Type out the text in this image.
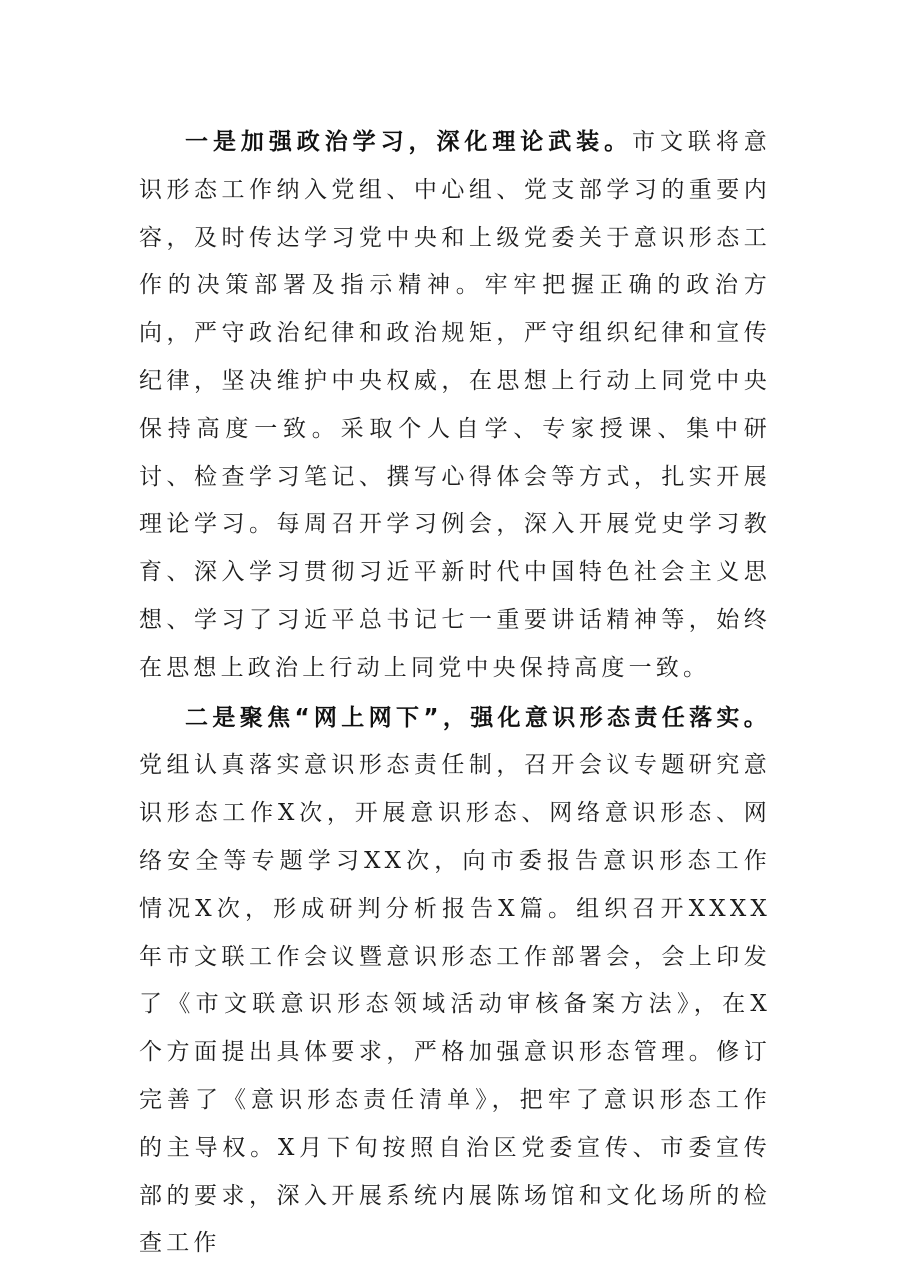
一是加强政治学习，深化理论武装。市文联将意识形态工作纳入党组、中心组、党支部学习的重要内容，及时传达学习党中央和上级党委关于意识形态工作的决策部署及指示精神。牢牢把握正确的政治方向，严守政治纪律和政治规矩，严守组织纪律和宣传纪律，坚决维护中央权威，在思想上行动上同党中央保持高度一致。采取个人自学、专家授课、集中研讨、检查学习笔记、撰写心得体会等方式，扎实开展理论学习。每周召开学习例会，深入开展党史学习教育、深入学习贯彻习近平新时代中国特色社会主义思想、学习了习近平总书记七一重要讲话精神等，始终在思想上政治上行动上同党中央保持高度一致。

二是聚焦“网上网下”，强化意识形态责任落实。党组认真落实意识形态责任制，召开会议专题研究意识形态工作X次，开展意识形态、网络意识形态、网络安全等专题学习XX次，向市委报告意识形态工作情况X次，形成研判分析报告X篇。组织召开XXXX年市文联工作会议暨意识形态工作部署会，会上印发了《市文联意识形态领域活动审核备案方法》，在X个方面提出具体要求，严格加强意识形态管理。修订完善了《意识形态责任清单》，把牢了意识形态工作的主导权。X月下旬按照自治区党委宣传、市委宣传部的要求，深入开展系统内展陈场馆和文化场所的检查工作
